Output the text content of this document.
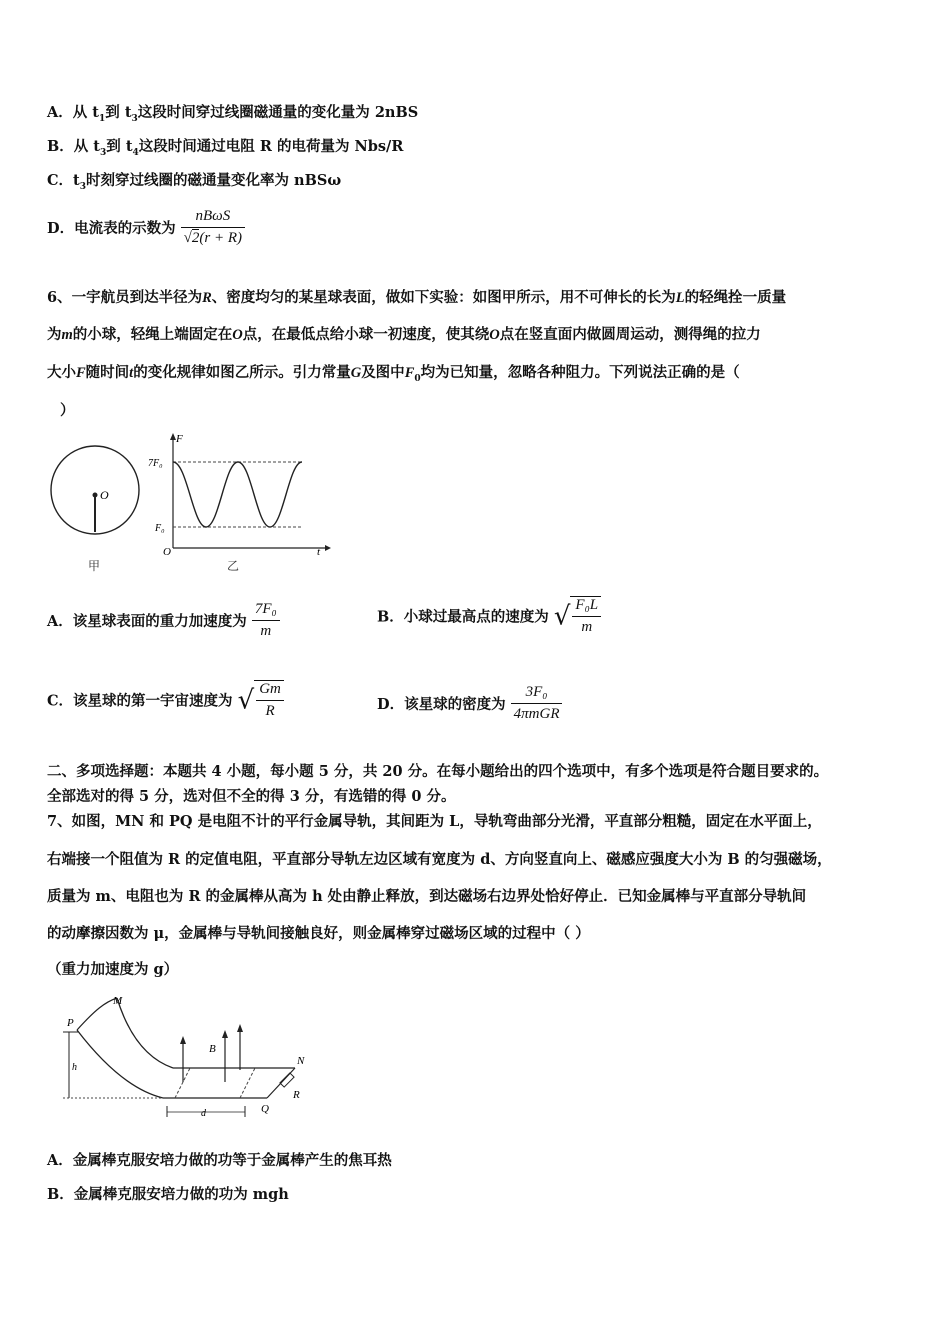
A．从 $t_1$到 $t_3$这段时间穿过线圈磁通量的变化量为 2nBS
B．从 $t_3$到 $t_4$这段时间通过电阻 R 的电荷量为 Nbs/R
C．$t_3$时刻穿过线圈的磁通量变化率为 nBSω
D．电流表的示数为 $\frac{\text{nBωS}}{√2(r + R)}$
6、一宇航员到达半径为R、密度均匀的某星球表面，做如下实验：如图甲所示，用不可伸长的长为L的轻绳拴一质量
为m的小球，轻绳上端固定在O点，在最低点给小球一初速度，使其绕O点在竖直面内做圆周运动，测得绳的拉力
大小F随时间t的变化规律如图乙所示。引力常量G及图中$F_0$均为已知量，忽略各种阻力。下列说法正确的是（
）
O
F
7F₀
F₀
O	t
甲	乙
A．该星球表面的重力加速度为 $\frac{\text{7F₀}}{m}$	B．小球过最高点的速度为 √ $\frac{\text{F₀L}}{m}$
C．该星球的第一宇宙速度为 √ $\frac{Gm}{R}$	D．该星球的密度为 $\frac{\text{3F₀}}{\text{4πmGR}}$
二、多项选择题：本题共 4 小题，每小题 5 分，共 20 分。在每小题给出的四个选项中，有多个选项是符合题目要求的。
全部选对的得 5 分，选对但不全的得 3 分，有选错的得 0 分。
7、如图，MN 和 PQ 是电阻不计的平行金属导轨，其间距为 L，导轨弯曲部分光滑，平直部分粗糙，固定在水平面上，
右端接一个阻值为 R 的定值电阻，平直部分导轨左边区域有宽度为 d、方向竖直向上、磁感应强度大小为 B 的匀强磁场，
质量为 m、电阻也为 R 的金属棒从高为 h 处由静止释放，到达磁场右边界处恰好停止．已知金属棒与平直部分导轨间
的动摩擦因数为 μ，金属棒与导轨间接触良好，则金属棒穿过磁场区域的过程中（ ）
（重力加速度为 g）
M
P
N
Q
B
h
d
R
A．金属棒克服安培力做的功等于金属棒产生的焦耳热
B．金属棒克服安培力做的功为 mgh
